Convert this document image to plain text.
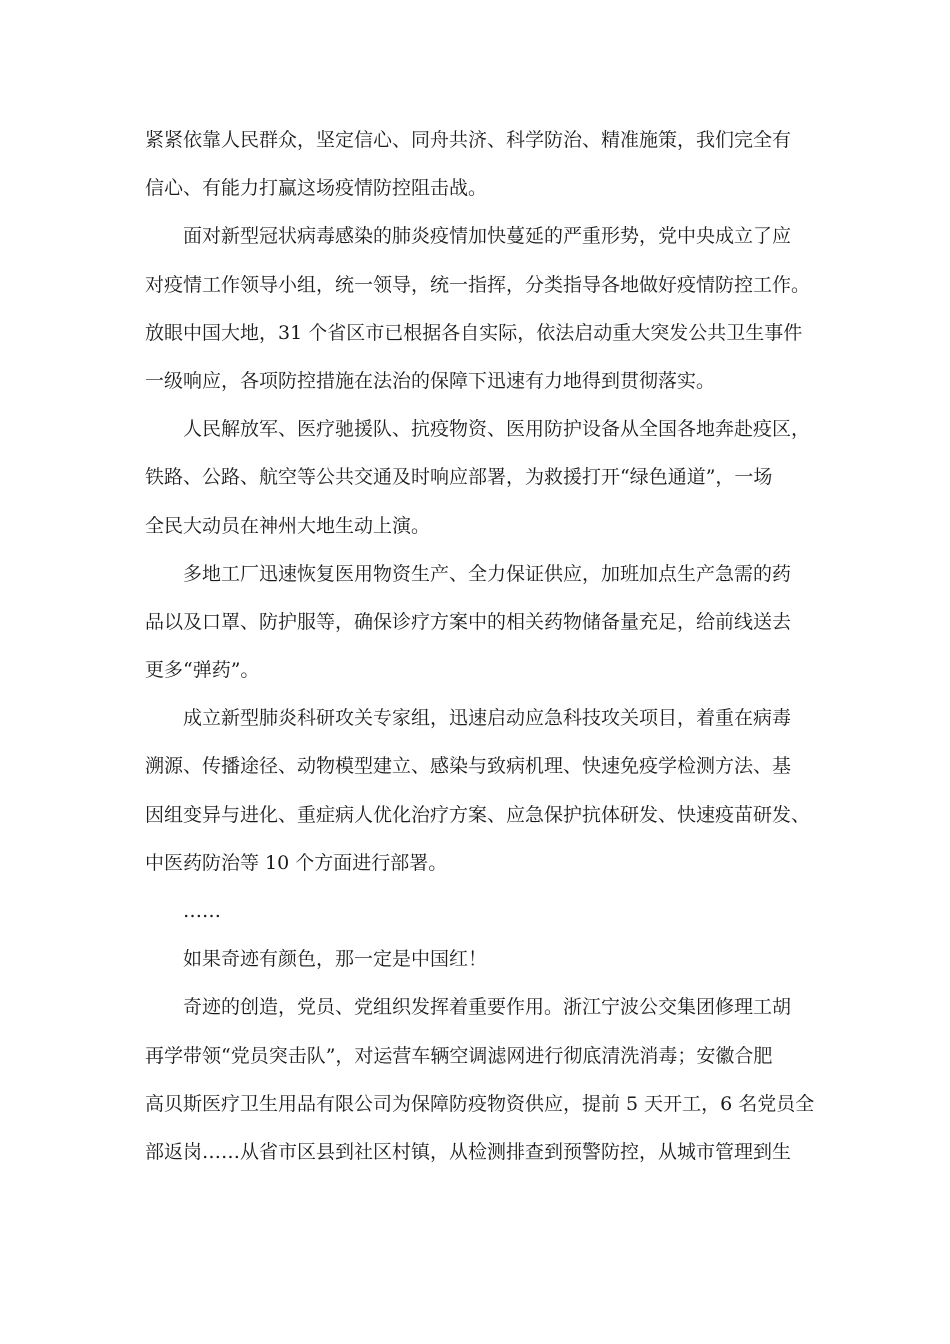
紧紧依靠人民群众，坚定信心、同舟共济、科学防治、精准施策，我们完全有
信心、有能力打赢这场疫情防控阻击战。
面对新型冠状病毒感染的肺炎疫情加快蔓延的严重形势，党中央成立了应
对疫情工作领导小组，统一领导，统一指挥，分类指导各地做好疫情防控工作。
放眼中国大地，31 个省区市已根据各自实际，依法启动重大突发公共卫生事件
一级响应，各项防控措施在法治的保障下迅速有力地得到贯彻落实。
人民解放军、医疗驰援队、抗疫物资、医用防护设备从全国各地奔赴疫区，
铁路、公路、航空等公共交通及时响应部署，为救援打开“绿色通道”，一场
全民大动员在神州大地生动上演。
多地工厂迅速恢复医用物资生产、全力保证供应，加班加点生产急需的药
品以及口罩、防护服等，确保诊疗方案中的相关药物储备量充足，给前线送去
更多“弹药”。
成立新型肺炎科研攻关专家组，迅速启动应急科技攻关项目，着重在病毒
溯源、传播途径、动物模型建立、感染与致病机理、快速免疫学检测方法、基
因组变异与进化、重症病人优化治疗方案、应急保护抗体研发、快速疫苗研发、
中医药防治等 10 个方面进行部署。
……
如果奇迹有颜色，那一定是中国红！
奇迹的创造，党员、党组织发挥着重要作用。浙江宁波公交集团修理工胡
再学带领“党员突击队”，对运营车辆空调滤网进行彻底清洗消毒；安徽合肥
高贝斯医疗卫生用品有限公司为保障防疫物资供应，提前 5 天开工，6 名党员全
部返岗……从省市区县到社区村镇，从检测排查到预警防控，从城市管理到生
